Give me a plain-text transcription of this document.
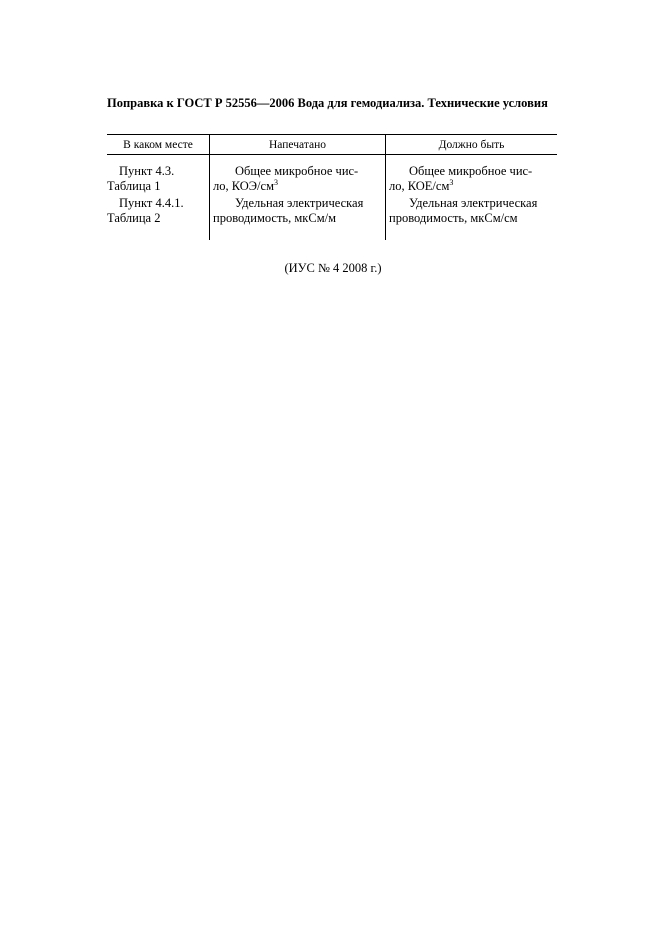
Поправка к ГОСТ Р 52556—2006 Вода для гемодиализа. Технические условия
В каком месте	Напечатано	Должно быть
Пункт 4.3.
Таблица 1
Общее микробное чис-
ло, КОЭ/$см^3$
Общее микробное чис-
ло, КОЕ/$см^3$
Пункт 4.4.1.
Таблица 2
Удельная электрическая
проводимость, мкСм/м
Удельная электрическая
проводимость, мкСм/см
(ИУС № 4 2008 г.)
